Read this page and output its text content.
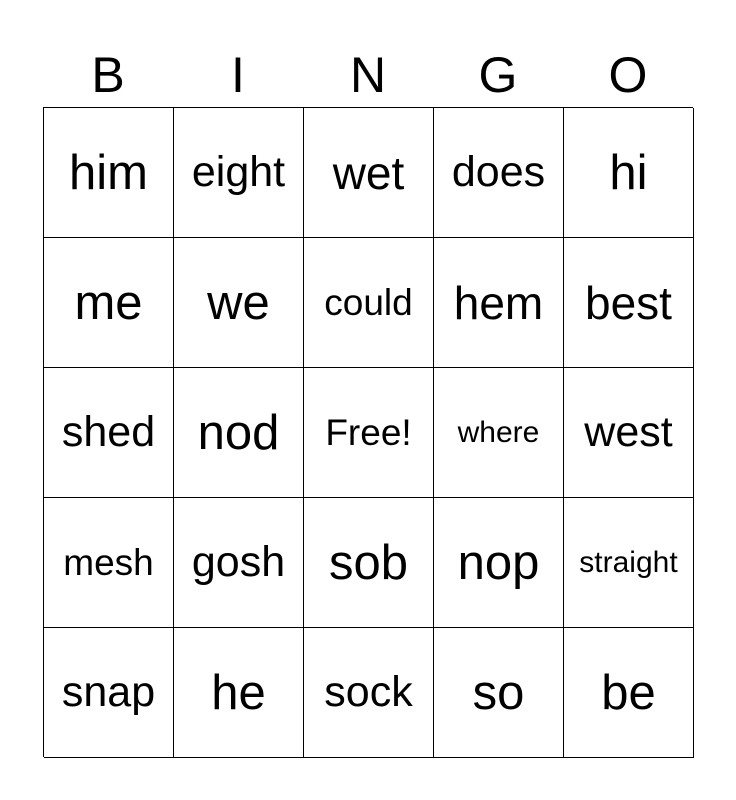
B	I	N	G	O
him eight wet does hi
me we could hem best
shed nod Free! where west
mesh gosh sob nop straight
snap he sock so be
